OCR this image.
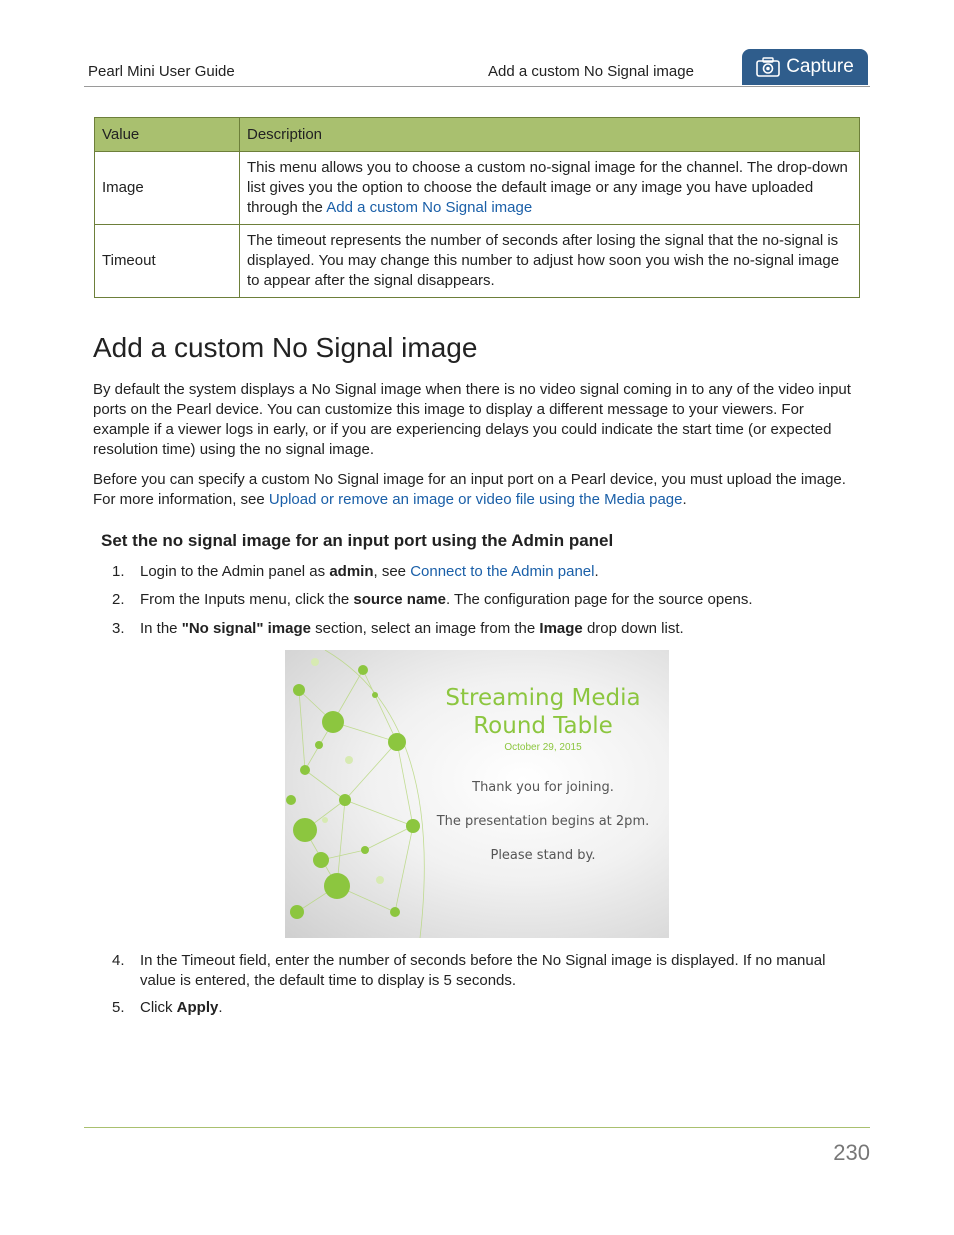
Pearl Mini User Guide	Add a custom No Signal image	Capture
Value	Description
Image	This menu allows you to choose a custom no-signal image for the channel. The drop-down list gives you the option to choose the default image or any image you have uploaded through the Add a custom No Signal image
Timeout	The timeout represents the number of seconds after losing the signal that the no-signal is displayed. You may change this number to adjust how soon you wish the no-signal image to appear after the signal disappears.
Add a custom No Signal image

By default the system displays a No Signal image when there is no video signal coming in to any of the video input ports on the Pearl device. You can customize this image to display a different message to your viewers. For example if a viewer logs in early, or if you are experiencing delays you could indicate the start time (or expected resolution time) using the no signal image.

Before you can specify a custom No Signal image for an input port on a Pearl device, you must upload the image. For more information, see Upload or remove an image or video file using the Media page.

Set the no signal image for an input port using the Admin panel
1.	Login to the Admin panel as admin, see Connect to the Admin panel.
2.	From the Inputs menu, click the source name. The configuration page for the source opens.
3.	In the "No signal" image section, select an image from the Image drop down list.
4.	In the Timeout field, enter the number of seconds before the No Signal image is displayed. If no manual value is entered, the default time to display is 5 seconds.
5.	Click Apply.
Streaming Media
Round Table
October 29, 2015
Thank you for joining.
The presentation begins at 2pm.
Please stand by.
230
